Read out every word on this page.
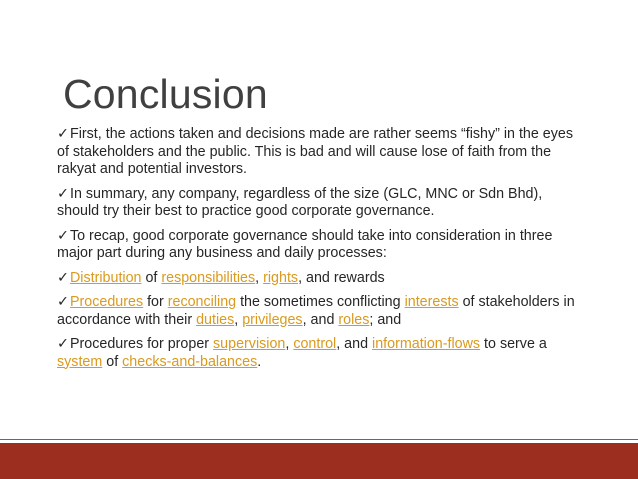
Conclusion
✓First, the actions taken and decisions made are rather seems “fishy” in the eyes of stakeholders and the public. This is bad and will cause lose of faith from the rakyat and potential investors.
✓In summary, any company, regardless of the size (GLC, MNC or Sdn Bhd), should try their best to practice good corporate governance.
✓To recap, good corporate governance should take into consideration in three major part during any business and daily processes:
✓Distribution of responsibilities, rights, and rewards
✓Procedures for reconciling the sometimes conflicting interests of stakeholders in accordance with their duties, privileges, and roles; and
✓Procedures for proper supervision, control, and information-flows to serve a system of checks-and-balances.
